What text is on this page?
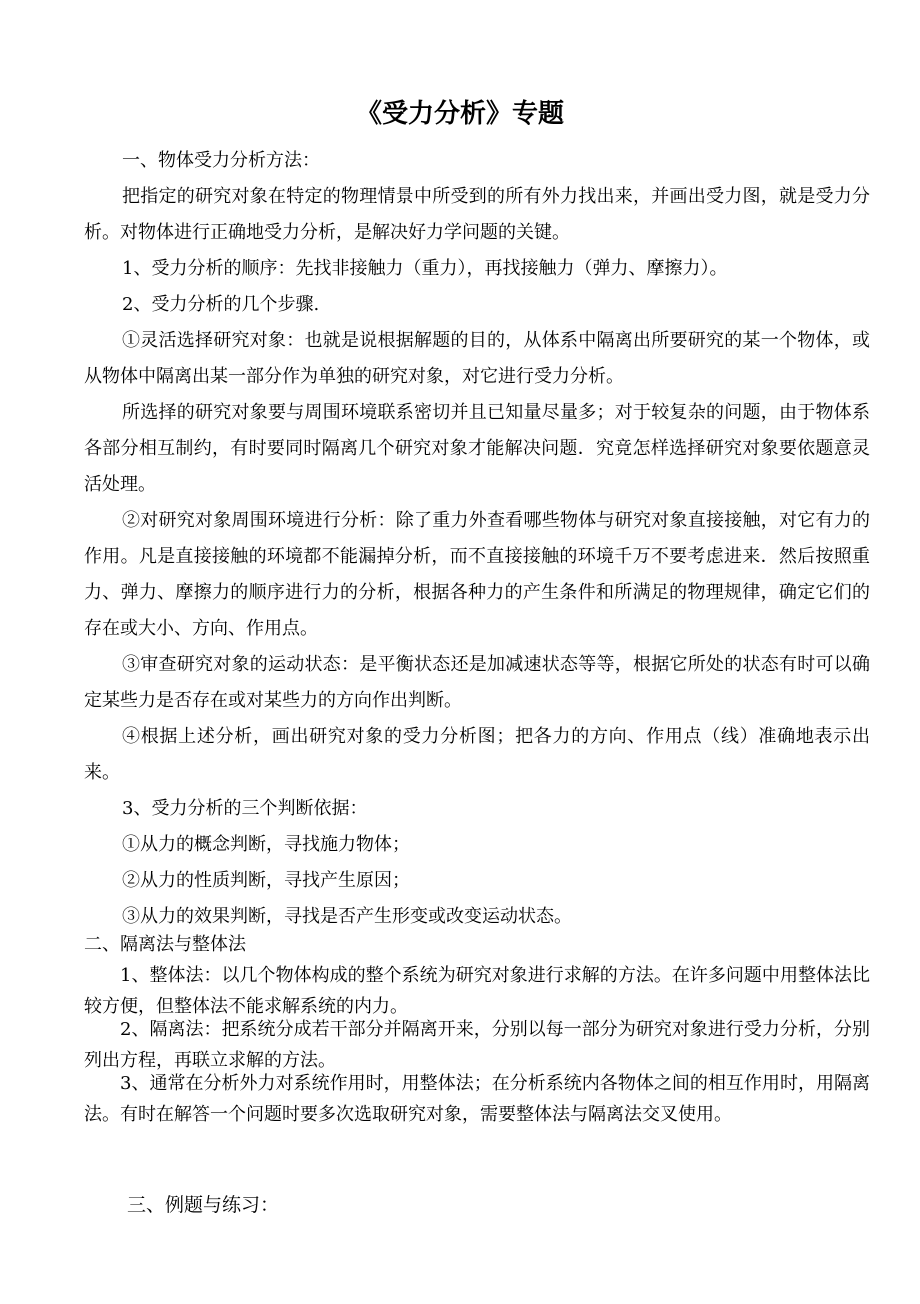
《受力分析》专题

一、物体受力分析方法：

把指定的研究对象在特定的物理情景中所受到的所有外力找出来，并画出受力图，就是受力分析。对物体进行正确地受力分析，是解决好力学问题的关键。

1、受力分析的顺序：先找非接触力（重力），再找接触力（弹力、摩擦力）。

2、受力分析的几个步骤.

①灵活选择研究对象：也就是说根据解题的目的，从体系中隔离出所要研究的某一个物体，或从物体中隔离出某一部分作为单独的研究对象，对它进行受力分析。

所选择的研究对象要与周围环境联系密切并且已知量尽量多；对于较复杂的问题，由于物体系各部分相互制约，有时要同时隔离几个研究对象才能解决问题．究竟怎样选择研究对象要依题意灵活处理。

②对研究对象周围环境进行分析：除了重力外查看哪些物体与研究对象直接接触，对它有力的作用。凡是直接接触的环境都不能漏掉分析，而不直接接触的环境千万不要考虑进来．然后按照重力、弹力、摩擦力的顺序进行力的分析，根据各种力的产生条件和所满足的物理规律，确定它们的存在或大小、方向、作用点。

③审查研究对象的运动状态：是平衡状态还是加减速状态等等，根据它所处的状态有时可以确定某些力是否存在或对某些力的方向作出判断。

④根据上述分析，画出研究对象的受力分析图；把各力的方向、作用点（线）准确地表示出来。

3、受力分析的三个判断依据：

①从力的概念判断，寻找施力物体；

②从力的性质判断，寻找产生原因；

③从力的效果判断，寻找是否产生形变或改变运动状态。

二、隔离法与整体法

1、整体法：以几个物体构成的整个系统为研究对象进行求解的方法。在许多问题中用整体法比较方便，但整体法不能求解系统的内力。

2、隔离法：把系统分成若干部分并隔离开来，分别以每一部分为研究对象进行受力分析，分别列出方程，再联立求解的方法。

3、通常在分析外力对系统作用时，用整体法；在分析系统内各物体之间的相互作用时，用隔离法。有时在解答一个问题时要多次选取研究对象，需要整体法与隔离法交叉使用。

三、例题与练习：
